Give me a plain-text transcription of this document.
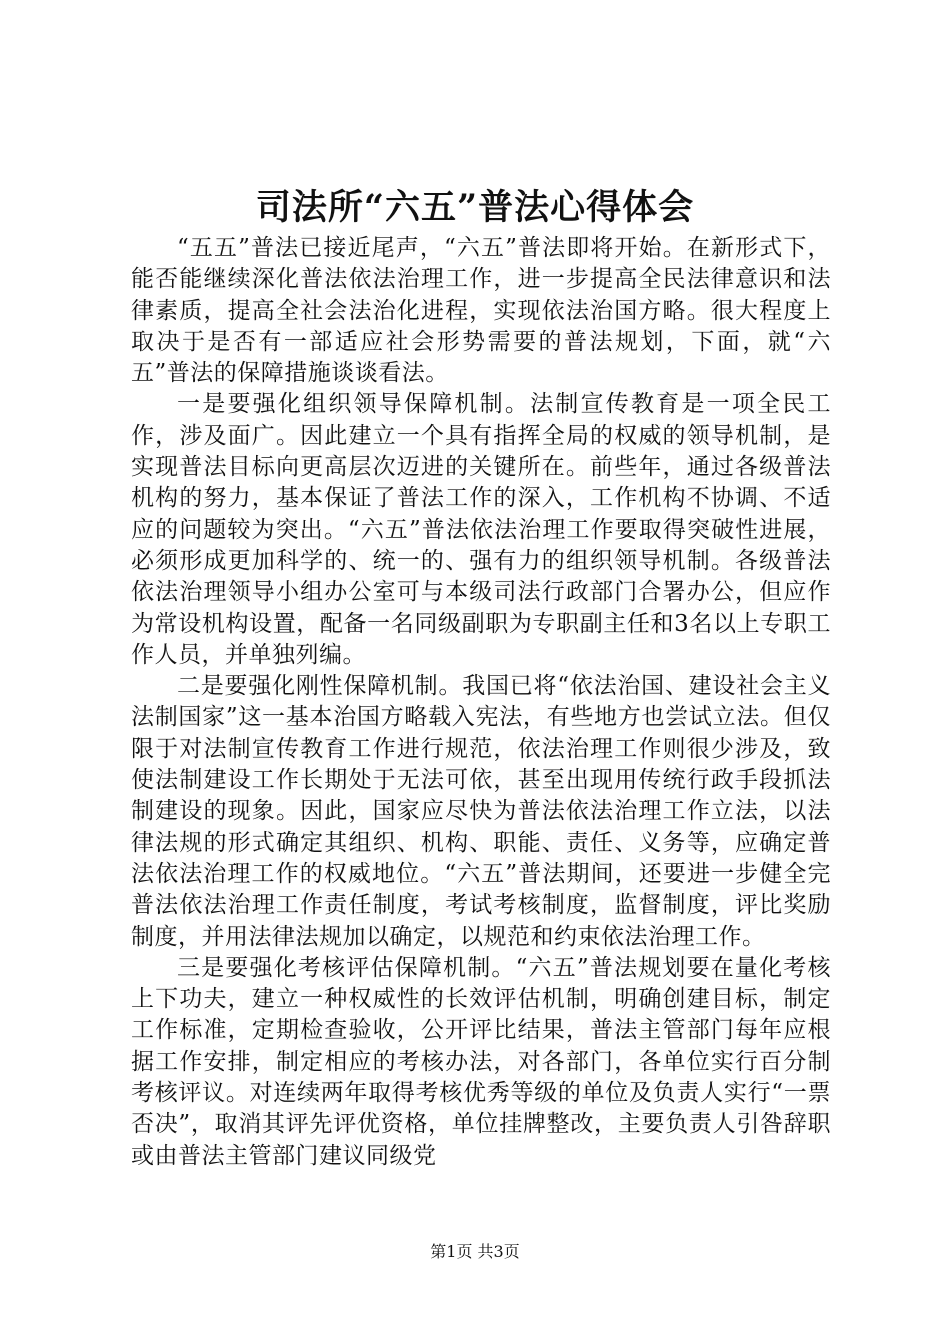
司法所“六五”普法心得体会

“五五”普法已接近尾声，“六五”普法即将开始。在新形式下，能否能继续深化普法依法治理工作，进一步提高全民法律意识和法律素质，提高全社会法治化进程，实现依法治国方略。很大程度上取决于是否有一部适应社会形势需要的普法规划，下面，就“六五”普法的保障措施谈谈看法。

一是要强化组织领导保障机制。法制宣传教育是一项全民工作，涉及面广。因此建立一个具有指挥全局的权威的领导机制，是实现普法目标向更高层次迈进的关键所在。前些年，通过各级普法机构的努力，基本保证了普法工作的深入，工作机构不协调、不适应的问题较为突出。“六五”普法依法治理工作要取得突破性进展，必须形成更加科学的、统一的、强有力的组织领导机制。各级普法依法治理领导小组办公室可与本级司法行政部门合署办公，但应作为常设机构设置，配备一名同级副职为专职副主任和3名以上专职工作人员，并单独列编。

二是要强化刚性保障机制。我国已将“依法治国、建设社会主义法制国家”这一基本治国方略载入宪法，有些地方也尝试立法。但仅限于对法制宣传教育工作进行规范，依法治理工作则很少涉及，致使法制建设工作长期处于无法可依，甚至出现用传统行政手段抓法制建设的现象。因此，国家应尽快为普法依法治理工作立法，以法律法规的形式确定其组织、机构、职能、责任、义务等，应确定普法依法治理工作的权威地位。“六五”普法期间，还要进一步健全完普法依法治理工作责任制度，考试考核制度，监督制度，评比奖励制度，并用法律法规加以确定，以规范和约束依法治理工作。

三是要强化考核评估保障机制。“六五”普法规划要在量化考核上下功夫，建立一种权威性的长效评估机制，明确创建目标，制定工作标准，定期检查验收，公开评比结果，普法主管部门每年应根据工作安排，制定相应的考核办法，对各部门，各单位实行百分制考核评议。对连续两年取得考核优秀等级的单位及负责人实行“一票否决”，取消其评先评优资格，单位挂牌整改，主要负责人引咎辞职或由普法主管部门建议同级党

第1页 共3页
